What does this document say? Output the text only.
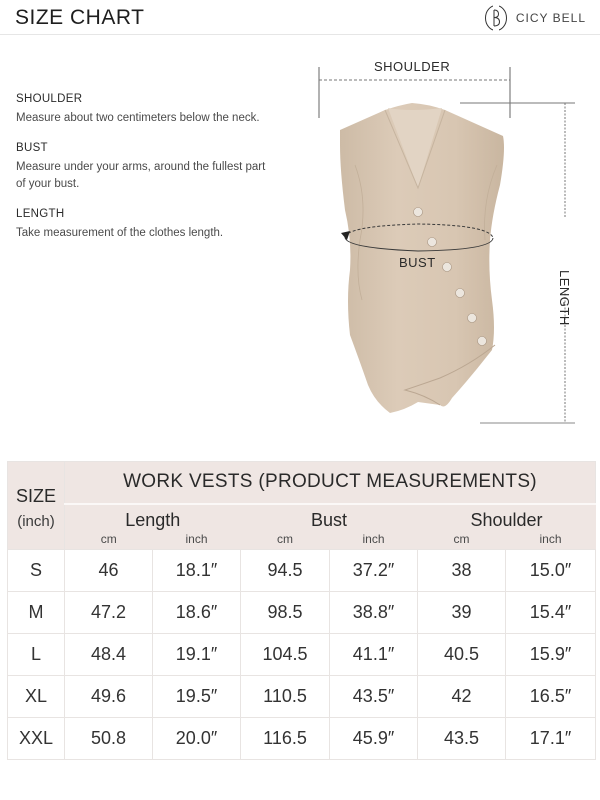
SIZE CHART	CICY BELL
SHOULDER
Measure about two centimeters below the neck.
BUST
Measure under your arms, around the fullest part of your bust.
LENGTH
Take measurement of the clothes length.
SHOULDER
BUST
LENGTH
SIZE
(inch)	WORK VESTS (PRODUCT MEASUREMENTS)					
	Length		Bust		Shoulder	
	cm	inch	cm	inch	cm	inch
S	46	18.1″	94.5	37.2″	38	15.0″
M	47.2	18.6″	98.5	38.8″	39	15.4″
L	48.4	19.1″	104.5	41.1″	40.5	15.9″
XL	49.6	19.5″	110.5	43.5″	42	16.5″
XXL	50.8	20.0″	116.5	45.9″	43.5	17.1″
